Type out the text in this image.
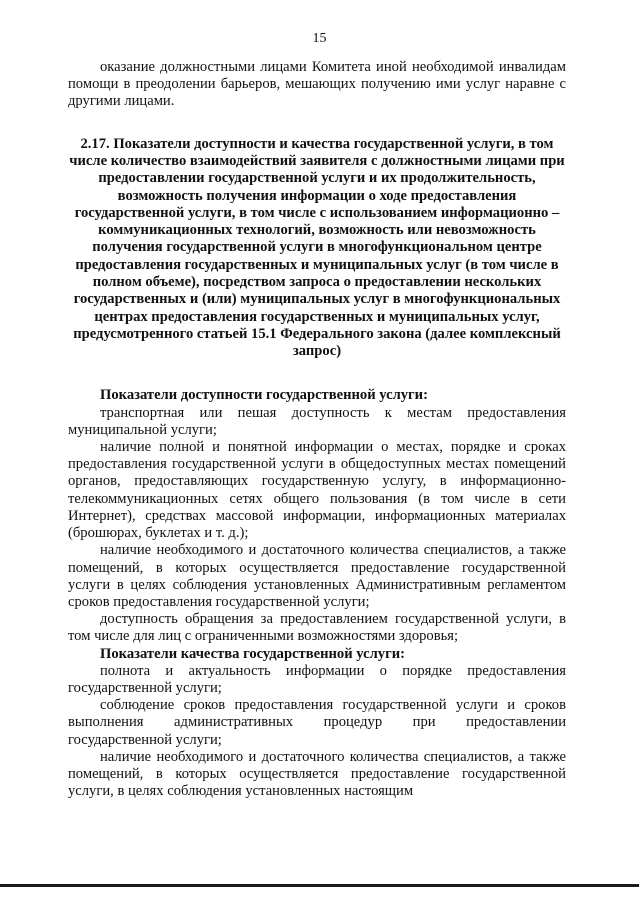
15

оказание должностными лицами Комитета иной необходимой инвалидам помощи в преодолении барьеров, мешающих получению ими услуг наравне с другими лицами.

2.17. Показатели доступности и качества государственной услуги, в том числе количество взаимодействий заявителя с должностными лицами при предоставлении государственной услуги и их продолжительность, возможность получения информации о ходе предоставления государственной услуги, в том числе с использованием информационно – коммуникационных технологий, возможность или невозможность получения государственной услуги в многофункциональном центре предоставления государственных и муниципальных услуг (в том числе в полном объеме), посредством запроса о предоставлении нескольких государственных и (или) муниципальных услуг в многофункциональных центрах предоставления государственных и муниципальных услуг, предусмотренного статьей 15.1 Федерального закона (далее комплексный запрос)

Показатели доступности государственной услуги:

транспортная или пешая доступность к местам предоставления муниципальной услуги;

наличие полной и понятной информации о местах, порядке и сроках предоставления государственной услуги в общедоступных местах помещений органов, предоставляющих государственную услугу, в информационно-телекоммуникационных сетях общего пользования (в том числе в сети Интернет), средствах массовой информации, информационных материалах (брошюрах, буклетах и т. д.);

наличие необходимого и достаточного количества специалистов, а также помещений, в которых осуществляется предоставление государственной услуги в целях соблюдения установленных Административным регламентом сроков предоставления государственной услуги;

доступность обращения за предоставлением государственной услуги, в том числе для лиц с ограниченными возможностями здоровья;

Показатели качества государственной услуги:

полнота и актуальность информации о порядке предоставления государственной услуги;

соблюдение сроков предоставления государственной услуги и сроков выполнения административных процедур при предоставлении государственной услуги;

наличие необходимого и достаточного количества специалистов, а также помещений, в которых осуществляется предоставление государственной услуги, в целях соблюдения установленных настоящим
